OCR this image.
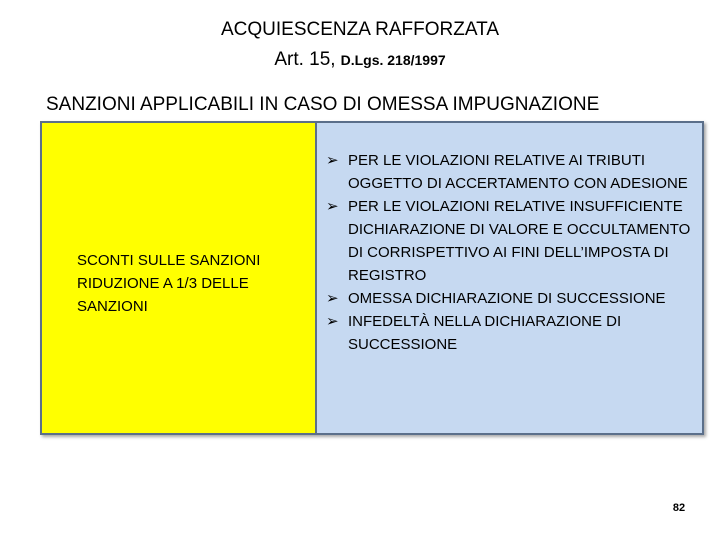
ACQUIESCENZA RAFFORZATA
Art. 15, D.Lgs. 218/1997
SANZIONI APPLICABILI IN CASO DI OMESSA IMPUGNAZIONE
SCONTI SULLE SANZIONI
RIDUZIONE A 1/3 DELLE
SANZIONI
➢ PER LE VIOLAZIONI RELATIVE AI TRIBUTI OGGETTO DI ACCERTAMENTO CON ADESIONE
➢ PER LE VIOLAZIONI RELATIVE INSUFFICIENTE DICHIARAZIONE DI VALORE E OCCULTAMENTO DI CORRISPETTIVO AI FINI DELL’IMPOSTA DI REGISTRO
➢ OMESSA DICHIARAZIONE DI SUCCESSIONE
➢ INFEDELTÀ NELLA DICHIARAZIONE DI SUCCESSIONE
82
